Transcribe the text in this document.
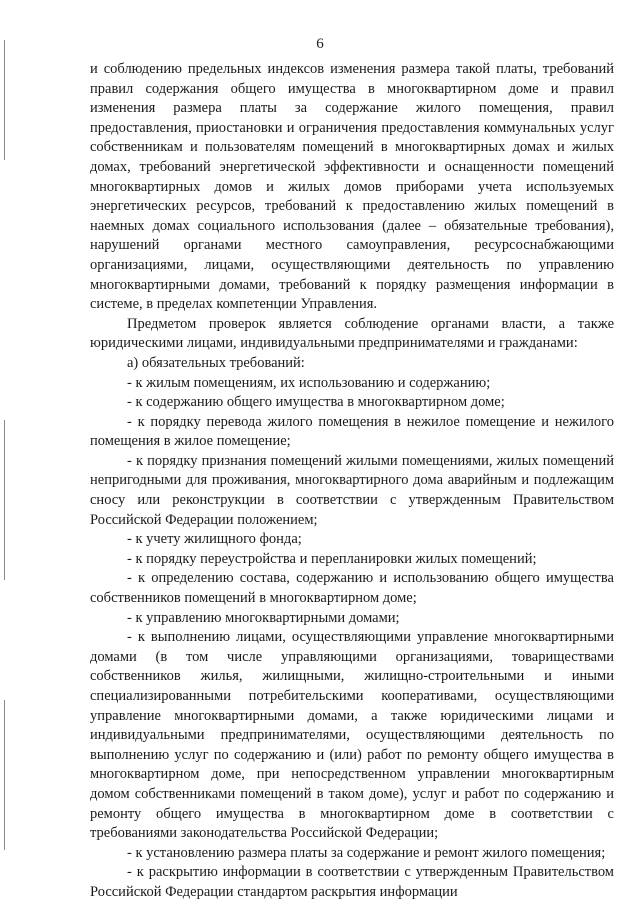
6

и соблюдению предельных индексов изменения размера такой платы, требований правил содержания общего имущества в многоквартирном доме и правил изменения размера платы за содержание жилого помещения, правил предоставления, приостановки и ограничения предоставления коммунальных услуг собственникам и пользователям помещений в многоквартирных домах и жилых домах, требований энергетической эффективности и оснащенности помещений многоквартирных домов и жилых домов приборами учета используемых энергетических ресурсов, требований к предоставлению жилых помещений в наемных домах социального использования (далее – обязательные требования), нарушений органами местного самоуправления, ресурсоснабжающими организациями, лицами, осуществляющими деятельность по управлению многоквартирными домами, требований к порядку размещения информации в системе, в пределах компетенции Управления.

Предметом проверок является соблюдение органами власти, а также юридическими лицами, индивидуальными предпринимателями и гражданами:

а) обязательных требований:

- к жилым помещениям, их использованию и содержанию;

- к содержанию общего имущества в многоквартирном доме;

- к порядку перевода жилого помещения в нежилое помещение и нежилого помещения в жилое помещение;

- к порядку признания помещений жилыми помещениями, жилых помещений непригодными для проживания, многоквартирного дома аварийным и подлежащим сносу или реконструкции в соответствии с утвержденным Правительством Российской Федерации положением;

- к учету жилищного фонда;

- к порядку переустройства и перепланировки жилых помещений;

- к определению состава, содержанию и использованию общего имущества собственников помещений в многоквартирном доме;

- к управлению многоквартирными домами;

- к выполнению лицами, осуществляющими управление многоквартирными домами (в том числе управляющими организациями, товариществами собственников жилья, жилищными, жилищно-строительными и иными специализированными потребительскими кооперативами, осуществляющими управление многоквартирными домами, а также юридическими лицами и индивидуальными предпринимателями, осуществляющими деятельность по выполнению услуг по содержанию и (или) работ по ремонту общего имущества в многоквартирном доме, при непосредственном управлении многоквартирным домом собственниками помещений в таком доме), услуг и работ по содержанию и ремонту общего имущества в многоквартирном доме в соответствии с требованиями законодательства Российской Федерации;

- к установлению размера платы за содержание и ремонт жилого помещения;

- к раскрытию информации в соответствии с утвержденным Правительством Российской Федерации стандартом раскрытия информации
